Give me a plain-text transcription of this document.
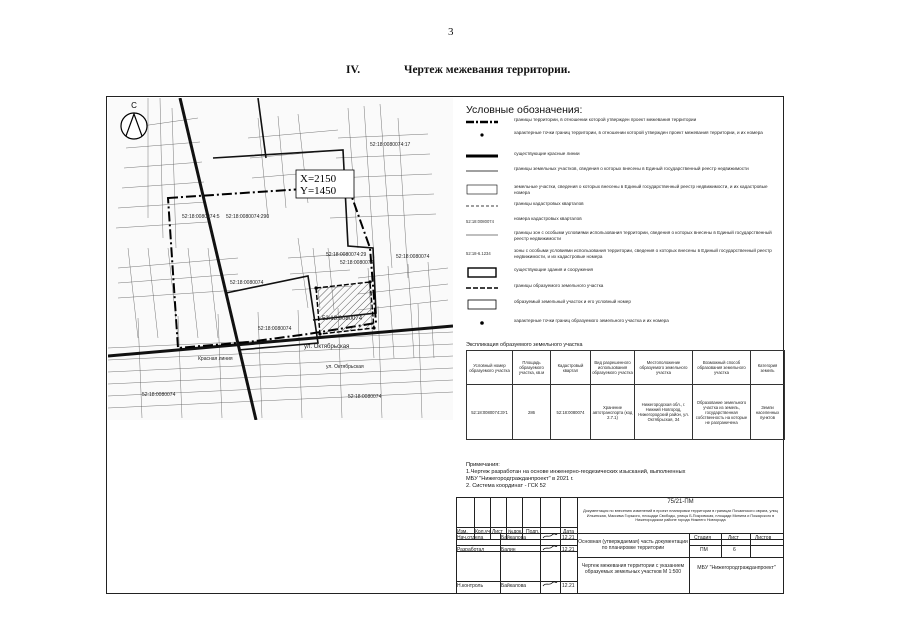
3
IV.	Чертеж межевания территории.
X=2150
Y=1450
С
52:18:0080074:17
52:18:0080074:290
52:18:0080074
52:18:0080074:29	52:18:0080074
52:18:0080074
52:18:0080074:5
52:18:0080074
52:18:0080074
ул. Октябрьская
ул. Октябрьская
Красная линия
52:18:0080074
52:18:0080074
Условные обозначения:
границы территории, в отношении которой утвержден проект межевания территории
характерные точки границ территории, в отношении которой утвержден проект межевания территории, и их номера
существующие красные линии
границы земельных участков, сведения о которых внесены в Единый государственный реестр недвижимости
земельные участки, сведения о которых внесены в Единый государственный реестр недвижимости, и их кадастровые номера
границы кадастровых кварталов
52:18:0080074
номера кадастровых кварталов
границы зон с особыми условиями использования территории, сведения о которых внесены в Единый государственный реестр недвижимости
52:18-6.1234
зоны с особыми условиями использования территории, сведения о которых внесены в Единый государственный реестр недвижимости, и их кадастровые номера
существующие здания и сооружения
границы образуемого земельного участка
образуемый земельный участок и его условный номер
характерные точки границ образуемого земельного участка и их номера
Экспликация образуемого земельного участка
Условный номер образуемого участка	Площадь образуемого участка, кв.м	Кадастровый квартал	Вид разрешенного использования образуемого участка	Местоположение образуемого земельного участка	Возможный способ образования земельного участка	Категория земель
52:18:0080074:ЗУ1	286	52:18:0080074	Хранение автотранспорта (код 2.7.1)	Нижегородская обл., г. Нижний Новгород, Нижегородский район, ул. Октябрьская, 34	Образование земельного участка из земель, государственная собственность на которые не разграничена	Земли населенных пунктов
Примечания:
1.Чертеж разработан на основе инженерно-геодезических изысканий, выполненных
МБУ "Нижегородгражданпроект" в 2021 г.
2. Система координат - ГСК 52
Изм. Кол.уч Лист №док. Подп.	Дата
Нач.отдела	Байкалова	12.21
Разработал	Балин	12.21
Н.контроль	Байкалова	12.21
75/21-ПМ
Документация по внесению изменений в проект планировки территории в границах Почаинского оврага, улиц Ильинская, Максима Горького, площади Свободы, улицы Б.Покровская, площади Минина и Пожарского в Нижегородском районе города Нижнего Новгорода
Основная (утверждаемая) часть документации по планировке территории
Стадия	Лист	Листов
ПМ	6
Чертеж межевания территории с указанием образуемых земельных участков М 1:500
МБУ "Нижегородгражданпроект"
